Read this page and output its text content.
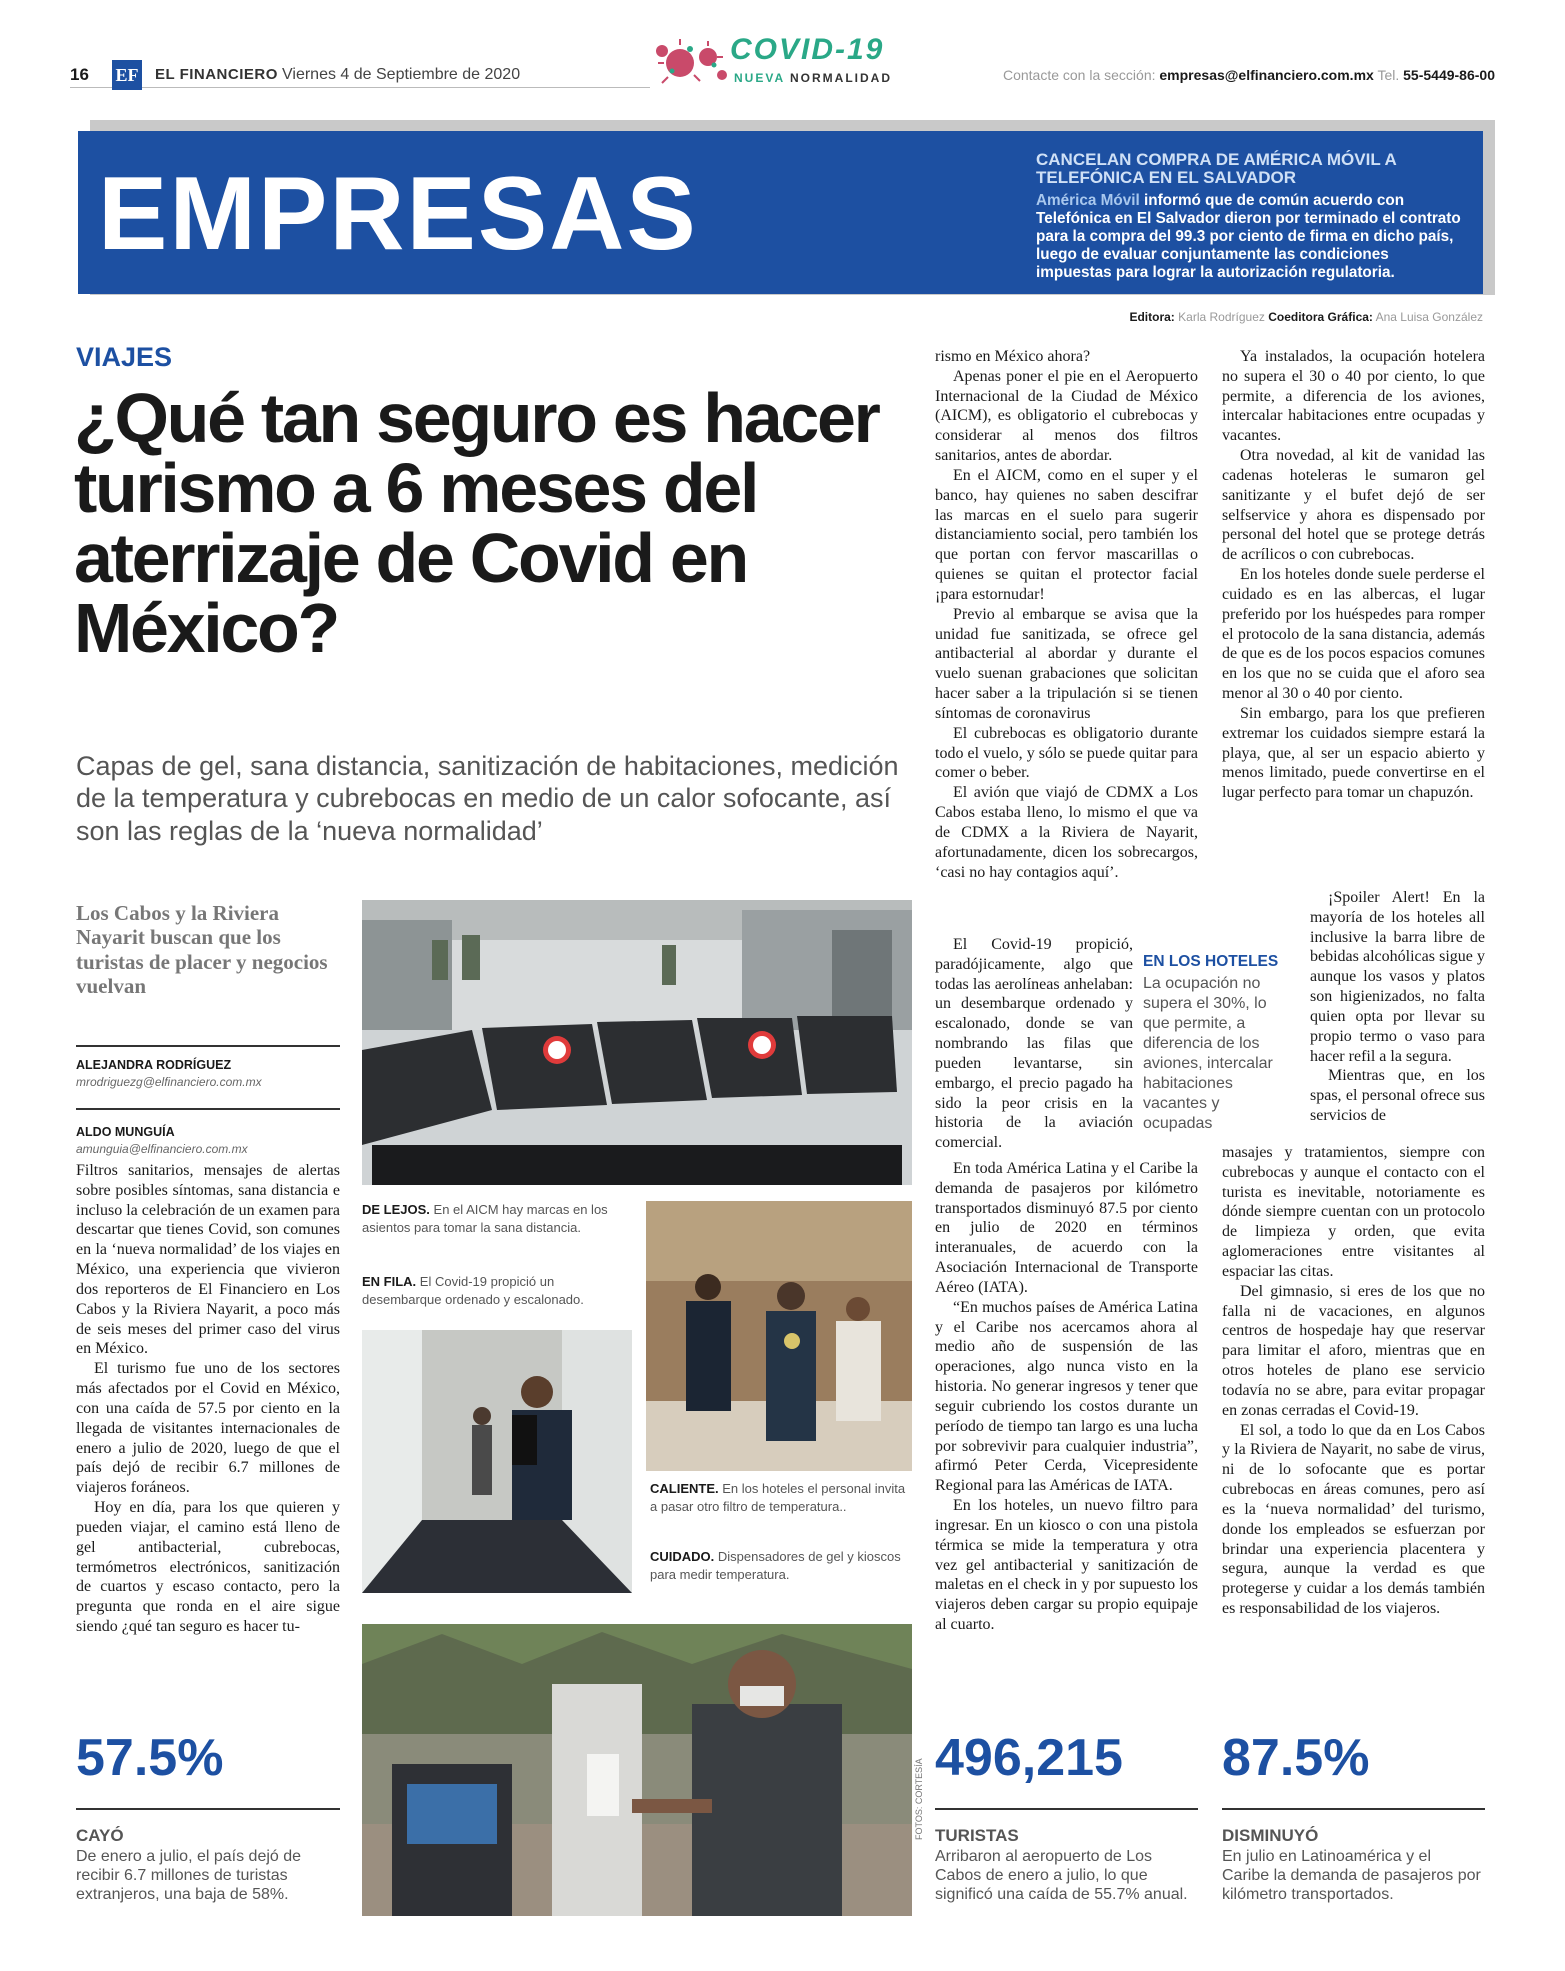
16 EF EL FINANCIERO Viernes 4 de Septiembre de 2020
COVID-19
NUEVA NORMALIDAD	Contacte con la sección: empresas@elfinanciero.com.mx Tel. 55-5449-86-00
EMPRESAS	CANCELAN COMPRA DE AMÉRICA MÓVIL A TELEFÓNICA EN EL SALVADOR
América Móvil informó que de común acuerdo con Telefónica en El Salvador dieron por terminado el contrato para la compra del 99.3 por ciento de firma en dicho país, luego de evaluar conjuntamente las condiciones impuestas para lograr la autorización regulatoria.
Editora: Karla Rodríguez Coeditora Gráfica: Ana Luisa González
VIAJES
¿Qué tan seguro es hacer turismo a 6 meses del aterrizaje de Covid en México?
Capas de gel, sana distancia, sanitización de habitaciones, medición de la temperatura y cubrebocas en medio de un calor sofocante, así son las reglas de la ‘nueva normalidad’
Los Cabos y la Riviera Nayarit buscan que los turistas de placer y negocios vuelvan
ALEJANDRA RODRÍGUEZ
mrodriguezg@elfinanciero.com.mx
ALDO MUNGUÍA
amunguia@elfinanciero.com.mx

Filtros sanitarios, mensajes de alertas sobre posibles síntomas, sana distancia e incluso la celebración de un examen para descartar que tienes Covid, son comunes en la ‘nueva normalidad’ de los viajes en México, una experiencia que vivieron dos reporteros de El Financiero en Los Cabos y la Riviera Nayarit, a poco más de seis meses del primer caso del virus en México.

El turismo fue uno de los sectores más afectados por el Covid en México, con una caída de 57.5 por ciento en la llegada de visitantes internacionales de enero a julio de 2020, luego de que el país dejó de recibir 6.7 millones de viajeros foráneos.

Hoy en día, para los que quieren y pueden viajar, el camino está lleno de gel antibacterial, cubrebocas, termómetros electrónicos, sanitización de cuartos y escaso contacto, pero la pregunta que ronda en el aire sigue siendo ¿qué tan seguro es hacer tu-

57.5%
CAYÓ
De enero a julio, el país dejó de recibir 6.7 millones de turistas extranjeros, una baja de 58%.
DE LEJOS. En el AICM hay marcas en los asientos para tomar la sana distancia.
EN FILA. El Covid-19 propició un desembarque ordenado y escalonado.
CALIENTE. En los hoteles el personal invita a pasar otro filtro de temperatura..
CUIDADO. Dispensadores de gel y kioscos para medir temperatura.
FOTOS: CORTESÍA

rismo en México ahora?

Apenas poner el pie en el Aeropuerto Internacional de la Ciudad de México (AICM), es obligatorio el cubrebocas y considerar al menos dos filtros sanitarios, antes de abordar.

En el AICM, como en el super y el banco, hay quienes no saben descifrar las marcas en el suelo para sugerir distanciamiento social, pero también los que portan con fervor mascarillas o quienes se quitan el protector facial ¡para estornudar!

Previo al embarque se avisa que la unidad fue sanitizada, se ofrece gel antibacterial al abordar y durante el vuelo suenan grabaciones que solicitan hacer saber a la tripulación si se tienen síntomas de coronavirus

El cubrebocas es obligatorio durante todo el vuelo, y sólo se puede quitar para comer o beber.

El avión que viajó de CDMX a Los Cabos estaba lleno, lo mismo el que va de CDMX a la Riviera de Nayarit, afortunadamente, dicen los sobrecargos, ‘casi no hay contagios aquí’.

El Covid-19 propició, paradójicamente, algo que todas las aerolíneas anhelaban: un desembarque ordenado y escalonado, donde se van nombrando las filas que pueden levantarse, sin embargo, el precio pagado ha sido la peor crisis en la historia de la aviación comercial.

En toda América Latina y el Caribe la demanda de pasajeros por kilómetro transportados disminuyó 87.5 por ciento en julio de 2020 en términos interanuales, de acuerdo con la Asociación Internacional de Transporte Aéreo (IATA).

“En muchos países de América Latina y el Caribe nos acercamos ahora al medio año de suspensión de las operaciones, algo nunca visto en la historia. No generar ingresos y tener que seguir cubriendo los costos durante un período de tiempo tan largo es una lucha por sobrevivir para cualquier industria”, afirmó Peter Cerda, Vicepresidente Regional para las Américas de IATA.

En los hoteles, un nuevo filtro para ingresar. En un kiosco o con una pistola térmica se mide la temperatura y otra vez gel antibacterial y sanitización de maletas en el check in y por supuesto los viajeros deben cargar su propio equipaje al cuarto.

EN LOS HOTELES
La ocupación no supera el 30%, lo que permite, a diferencia de los aviones, intercalar habitaciones vacantes y ocupadas

Ya instalados, la ocupación hotelera no supera el 30 o 40 por ciento, lo que permite, a diferencia de los aviones, intercalar habitaciones entre ocupadas y vacantes.

Otra novedad, al kit de vanidad las cadenas hoteleras le sumaron gel sanitizante y el bufet dejó de ser selfservice y ahora es dispensado por personal del hotel que se protege detrás de acrílicos o con cubrebocas.

En los hoteles donde suele perderse el cuidado es en las albercas, el lugar preferido por los huéspedes para romper el protocolo de la sana distancia, además de que es de los pocos espacios comunes en los que no se cuida que el aforo sea menor al 30 o 40 por ciento.

Sin embargo, para los que prefieren extremar los cuidados siempre estará la playa, que, al ser un espacio abierto y menos limitado, puede convertirse en el lugar perfecto para tomar un chapuzón.

¡Spoiler Alert! En la mayoría de los hoteles all inclusive la barra libre de bebidas alcohólicas sigue y aunque los vasos y platos son higienizados, no falta quien opta por llevar su propio termo o vaso para hacer refil a la segura.

Mientras que, en los spas, el personal ofrece sus servicios de

masajes y tratamientos, siempre con cubrebocas y aunque el contacto con el turista es inevitable, notoriamente es dónde siempre cuentan con un protocolo de limpieza y orden, que evita aglomeraciones entre visitantes al espaciar las citas.

Del gimnasio, si eres de los que no falla ni de vacaciones, en algunos centros de hospedaje hay que reservar para limitar el aforo, mientras que en otros hoteles de plano ese servicio todavía no se abre, para evitar propagar en zonas cerradas el Covid-19.

El sol, a todo lo que da en Los Cabos y la Riviera de Nayarit, no sabe de virus, ni de lo sofocante que es portar cubrebocas en áreas comunes, pero así es la ‘nueva normalidad’ del turismo, donde los empleados se esfuerzan por brindar una experiencia placentera y segura, aunque la verdad es que protegerse y cuidar a los demás también es responsabilidad de los viajeros.

496,215
TURISTAS
Arribaron al aeropuerto de Los Cabos de enero a julio, lo que significó una caída de 55.7% anual.
87.5%
DISMINUYÓ
En julio en Latinoamérica y el Caribe la demanda de pasajeros por kilómetro transportados.
